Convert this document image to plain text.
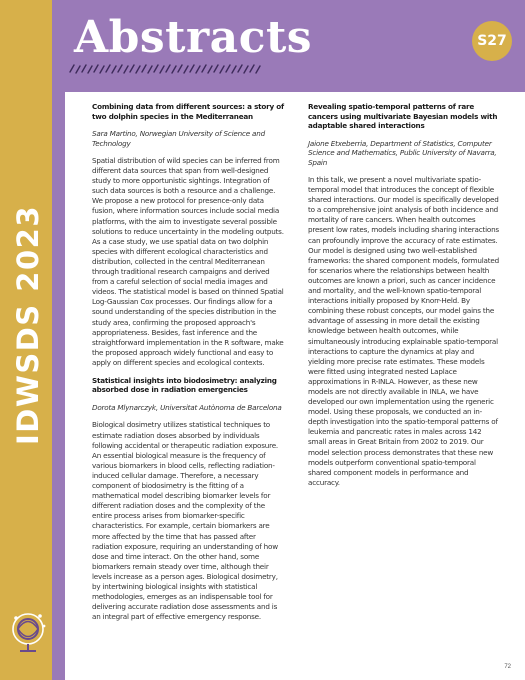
IDWSDS 2023
Abstracts	S27

Combining data from different sources: a story of two dolphin species in the Mediterranean

Sara Martino, Norwegian University of Science and Technology

Spatial distribution of wild species can be inferred from different data sources that span from well-designed study to more opportunistic sightings. Integration of such data sources is both a resource and a challenge. We propose a new protocol for presence-only data fusion, where information sources include social media platforms, with the aim to investigate several possible solutions to reduce uncertainty in the modeling outputs. As a case study, we use spatial data on two dolphin species with different ecological characteristics and distribution, collected in the central Mediterranean through traditional research campaigns and derived from a careful selection of social media images and videos. The statistical model is based on thinned Spatial Log-Gaussian Cox processes. Our findings allow for a sound understanding of the species distribution in the study area, confirming the proposed approach's appropriateness. Besides, fast inference and the straightforward implementation in the R software, make the proposed approach widely functional and easy to apply on different species and ecological contexts.

Statistical insights into biodosimetry: analyzing absorbed dose in radiation emergencies

Dorota Mlynarczyk, Universitat Autònoma de Barcelona

Biological dosimetry utilizes statistical techniques to estimate radiation doses absorbed by individuals following accidental or therapeutic radiation exposure. An essential biological measure is the frequency of various biomarkers in blood cells, reflecting radiation-induced cellular damage. Therefore, a necessary component of biodosimetry is the fitting of a mathematical model describing biomarker levels for different radiation doses and the complexity of the entire process arises from biomarker-specific characteristics. For example, certain biomarkers are more affected by the time that has passed after radiation exposure, requiring an understanding of how dose and time interact. On the other hand, some biomarkers remain steady over time, although their levels increase as a person ages. Biological dosimetry, by intertwining biological insights with statistical methodologies, emerges as an indispensable tool for delivering accurate radiation dose assessments and is an integral part of effective emergency response.

Revealing spatio-temporal patterns of rare cancers using multivariate Bayesian models with adaptable shared interactions

Jaione Etxeberria, Department of Statistics, Computer Science and Mathematics, Public University of Navarra, Spain

In this talk, we present a novel multivariate spatio-temporal model that introduces the concept of flexible shared interactions. Our model is specifically developed to a comprehensive joint analysis of both incidence and mortality of rare cancers. When health outcomes present low rates, models including sharing interactions can profoundly improve the accuracy of rate estimates. Our model is designed using two well-established frameworks: the shared component models, formulated for scenarios where the relationships between health outcomes are known a priori, such as cancer incidence and mortality, and the well-known spatio-temporal interactions initially proposed by Knorr-Held. By combining these robust concepts, our model gains the advantage of assessing in more detail the existing knowledge between health outcomes, while simultaneously introducing explainable spatio-temporal interactions to capture the dynamics at play and yielding more precise rate estimates. These models were fitted using integrated nested Laplace approximations in R-INLA. However, as these new models are not directly available in INLA, we have developed our own implementation using the rgeneric model. Using these proposals, we conducted an in-depth investigation into the spatio-temporal patterns of leukemia and pancreatic rates in males across 142 small areas in Great Britain from 2002 to 2019. Our model selection process demonstrates that these new models outperform conventional spatio-temporal shared component models in performance and accuracy.

72
